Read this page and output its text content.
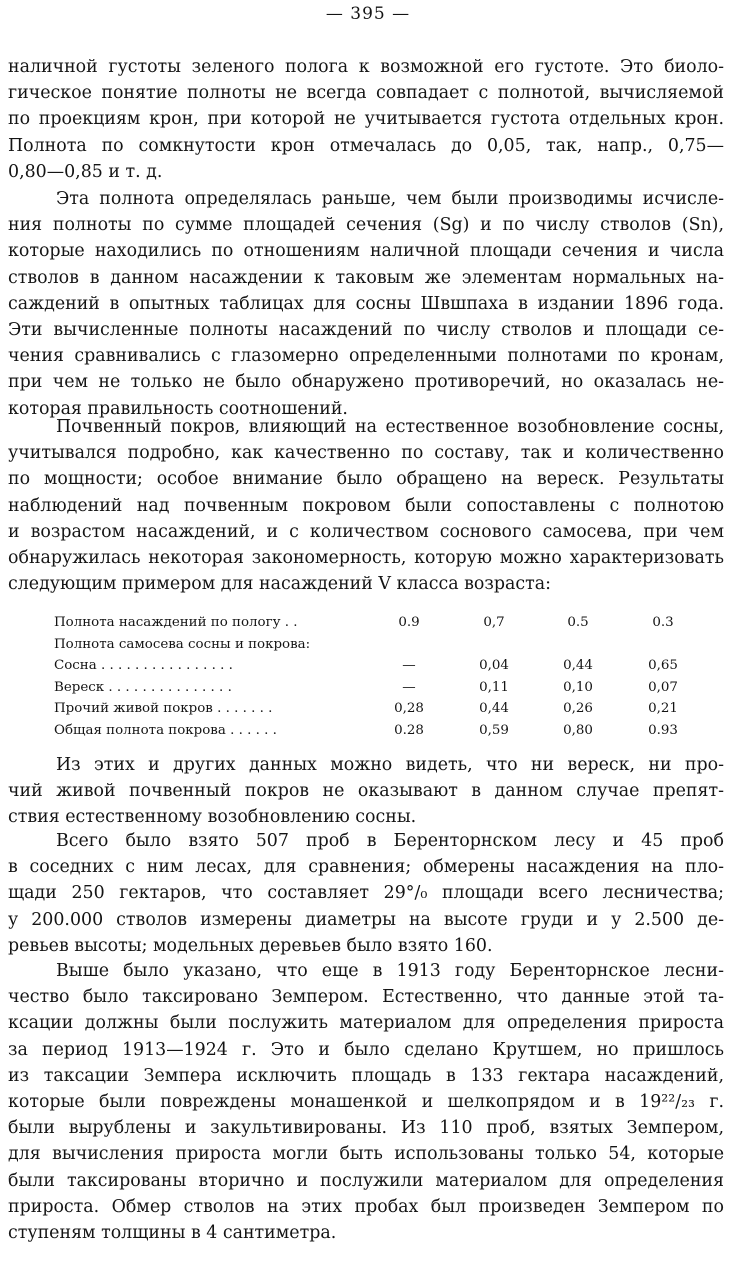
— 395 —
наличной густоты зеленого полога к возможной его густоте. Это биоло-
гическое понятие полноты не всегда совпадает с полнотой, вычисляемой
по проекциям крон, при которой не учитывается густота отдельных крон.
Полнота по сомкнутости крон отмечалась до 0,05, так, напр., 0,75—
0,80—0,85 и т. д.
Эта полнота определялась раньше, чем были производимы исчисле-
ния полноты по сумме площадей сечения (Sg) и по числу стволов (Sn),
которые находились по отношениям наличной площади сечения и числа
стволов в данном насаждении к таковым же элементам нормальных на-
саждений в опытных таблицах для сосны Швшпаха в издании 1896 года.
Эти вычисленные полноты насаждений по числу стволов и площади се-
чения сравнивались с глазомерно определенными полнотами по кронам,
при чем не только не было обнаружено противоречий, но оказалась не-
которая правильность соотношений.
Почвенный покров, влияющий на естественное возобновление сосны,
учитывался подробно, как качественно по составу, так и количественно
по мощности; особое внимание было обращено на вереск. Результаты
наблюдений над почвенным покровом были сопоставлены с полнотою
и возрастом насаждений, и с количеством соснового самосева, при чем
обнаружилась некоторая закономерность, которую можно характеризовать
следующим примером для насаждений V класса возраста:
Полнота насаждений по пологу . .	0.9	0,7	0.5	0.3
Полнота самосева сосны и покрова:
Сосна . . . . . . . . . . . . . . . .	—	0,04	0,44	0,65
Вереск . . . . . . . . . . . . . . .	—	0,11	0,10	0,07
Прочий живой покров . . . . . . .	0,28	0,44	0,26	0,21
Общая полнота покрова . . . . . .	0.28	0,59	0,80	0.93
Из этих и других данных можно видеть, что ни вереск, ни про-
чий живой почвенный покров не оказывают в данном случае препят-
ствия естественному возобновлению сосны.
Всего было взято 507 проб в Беренторнском лесу и 45 проб
в соседних с ним лесах, для сравнения; обмерены насаждения на пло-
щади 250 гектаров, что составляет 29°/₀ площади всего лесничества;
у 200.000 стволов измерены диаметры на высоте груди и у 2.500 де-
ревьев высоты; модельных деревьев было взято 160.
Выше было указано, что еще в 1913 году Беренторнское лесни-
чество было таксировано Земпером. Естественно, что данные этой та-
ксации должны были послужить материалом для определения прироста
за период 1913—1924 г. Это и было сделано Крутшем, но пришлось
из таксации Земпера исключить площадь в 133 гектара насаждений,
которые были повреждены монашенкой и шелкопрядом и в 19²²/₂₃ г.
были вырублены и закультивированы. Из 110 проб, взятых Земпером,
для вычисления прироста могли быть использованы только 54, которые
были таксированы вторично и послужили материалом для определения
прироста. Обмер стволов на этих пробах был произведен Земпером по
ступеням толщины в 4 сантиметра.
